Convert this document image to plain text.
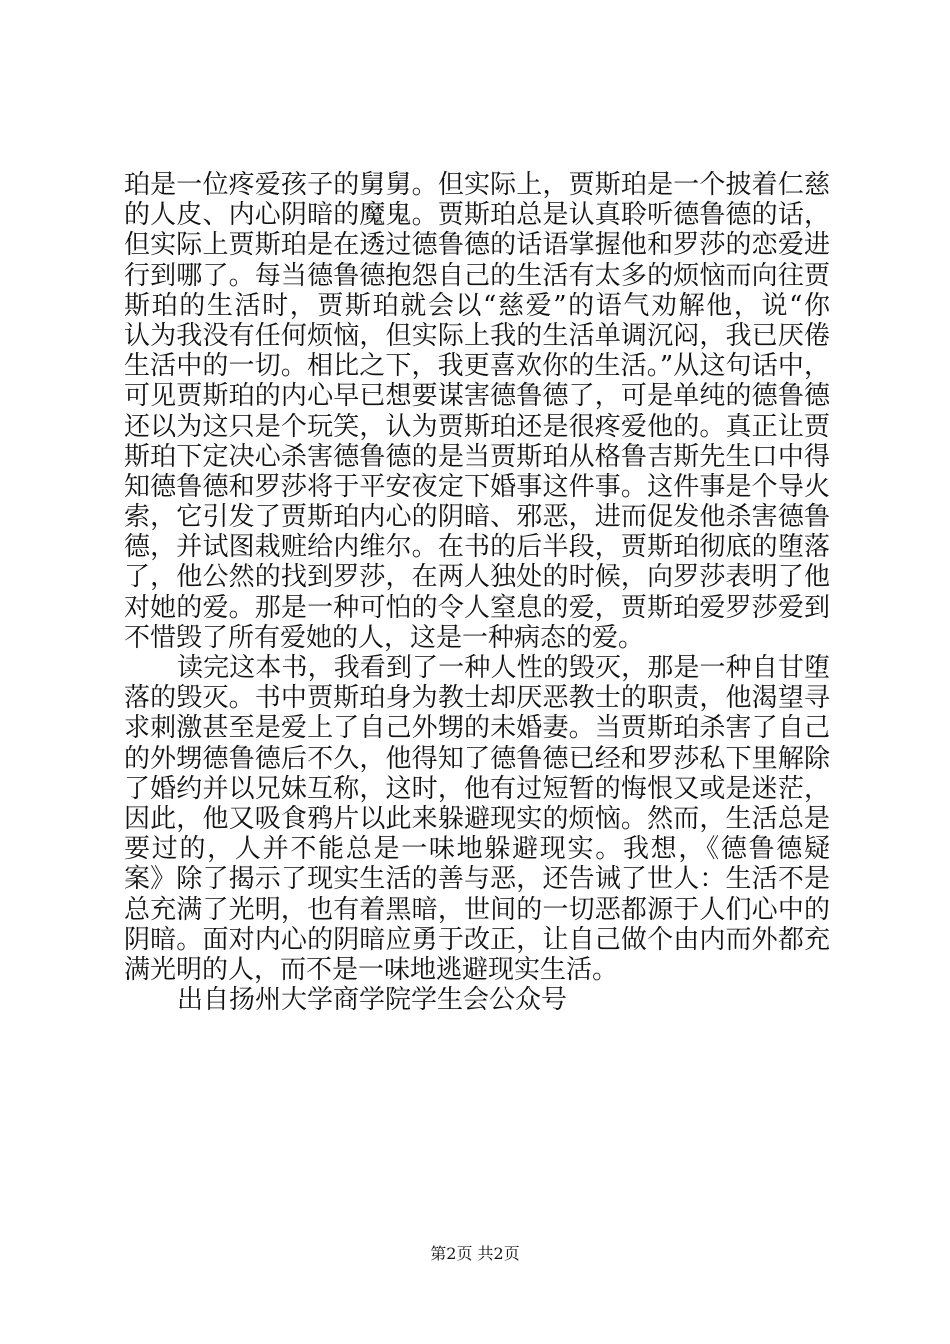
珀是一位疼爱孩子的舅舅。但实际上，贾斯珀是一个披着仁慈
的人皮、内心阴暗的魔鬼。贾斯珀总是认真聆听德鲁德的话，
但实际上贾斯珀是在透过德鲁德的话语掌握他和罗莎的恋爱进
行到哪了。每当德鲁德抱怨自己的生活有太多的烦恼而向往贾
斯珀的生活时，贾斯珀就会以“慈爱”的语气劝解他，说“你
认为我没有任何烦恼，但实际上我的生活单调沉闷，我已厌倦
生活中的一切。相比之下，我更喜欢你的生活。”从这句话中，
可见贾斯珀的内心早已想要谋害德鲁德了，可是单纯的德鲁德
还以为这只是个玩笑，认为贾斯珀还是很疼爱他的。真正让贾
斯珀下定决心杀害德鲁德的是当贾斯珀从格鲁吉斯先生口中得
知德鲁德和罗莎将于平安夜定下婚事这件事。这件事是个导火
索，它引发了贾斯珀内心的阴暗、邪恶，进而促发他杀害德鲁
德，并试图栽赃给内维尔。在书的后半段，贾斯珀彻底的堕落
了，他公然的找到罗莎，在两人独处的时候，向罗莎表明了他
对她的爱。那是一种可怕的令人窒息的爱，贾斯珀爱罗莎爱到
不惜毁了所有爱她的人，这是一种病态的爱。
读完这本书，我看到了一种人性的毁灭，那是一种自甘堕
落的毁灭。书中贾斯珀身为教士却厌恶教士的职责，他渴望寻
求刺激甚至是爱上了自己外甥的未婚妻。当贾斯珀杀害了自己
的外甥德鲁德后不久，他得知了德鲁德已经和罗莎私下里解除
了婚约并以兄妹互称，这时，他有过短暂的悔恨又或是迷茫，
因此，他又吸食鸦片以此来躲避现实的烦恼。然而，生活总是
要过的，人并不能总是一味地躲避现实。我想，《德鲁德疑
案》除了揭示了现实生活的善与恶，还告诫了世人：生活不是
总充满了光明，也有着黑暗，世间的一切恶都源于人们心中的
阴暗。面对内心的阴暗应勇于改正，让自己做个由内而外都充
满光明的人，而不是一味地逃避现实生活。
出自扬州大学商学院学生会公众号
第2页 共2页
